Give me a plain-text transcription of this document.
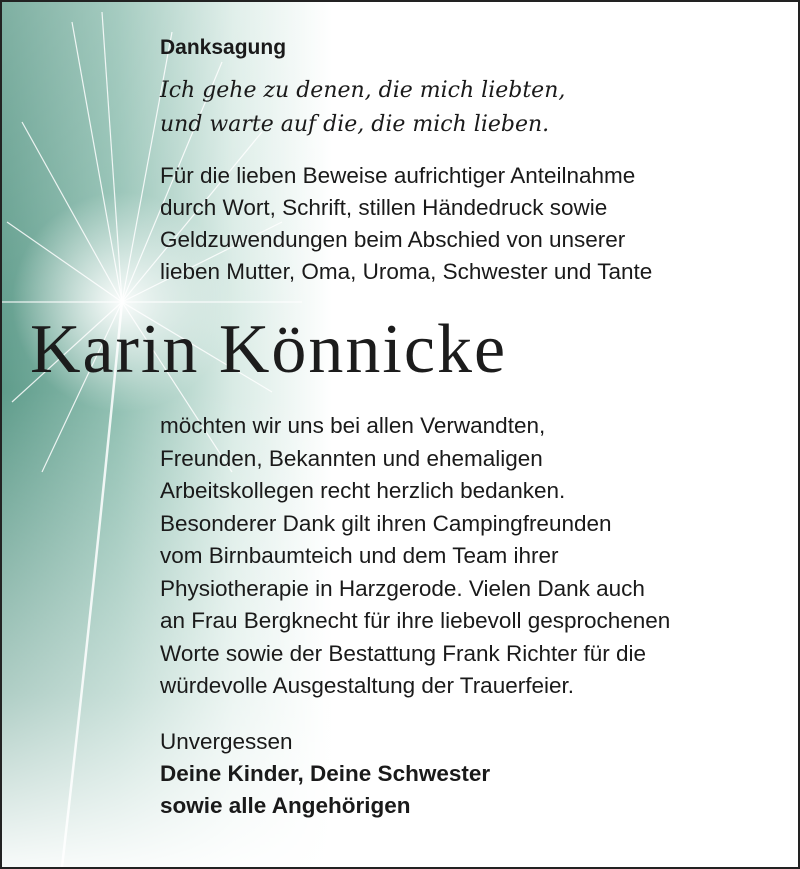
Danksagung
Ich gehe zu denen, die mich liebten,
und warte auf die, die mich lieben.
Für die lieben Beweise aufrichtiger Anteilnahme
durch Wort, Schrift, stillen Händedruck sowie
Geldzuwendungen beim Abschied von unserer
lieben Mutter, Oma, Uroma, Schwester und Tante
Karin Könnicke
möchten wir uns bei allen Verwandten,
Freunden, Bekannten und ehemaligen
Arbeitskollegen recht herzlich bedanken.
Besonderer Dank gilt ihren Campingfreunden
vom Birnbaumteich und dem Team ihrer
Physiotherapie in Harzgerode. Vielen Dank auch
an Frau Bergknecht für ihre liebevoll gesprochenen
Worte sowie der Bestattung Frank Richter für die
würdevolle Ausgestaltung der Trauerfeier.
Unvergessen
Deine Kinder, Deine Schwester
sowie alle Angehörigen
